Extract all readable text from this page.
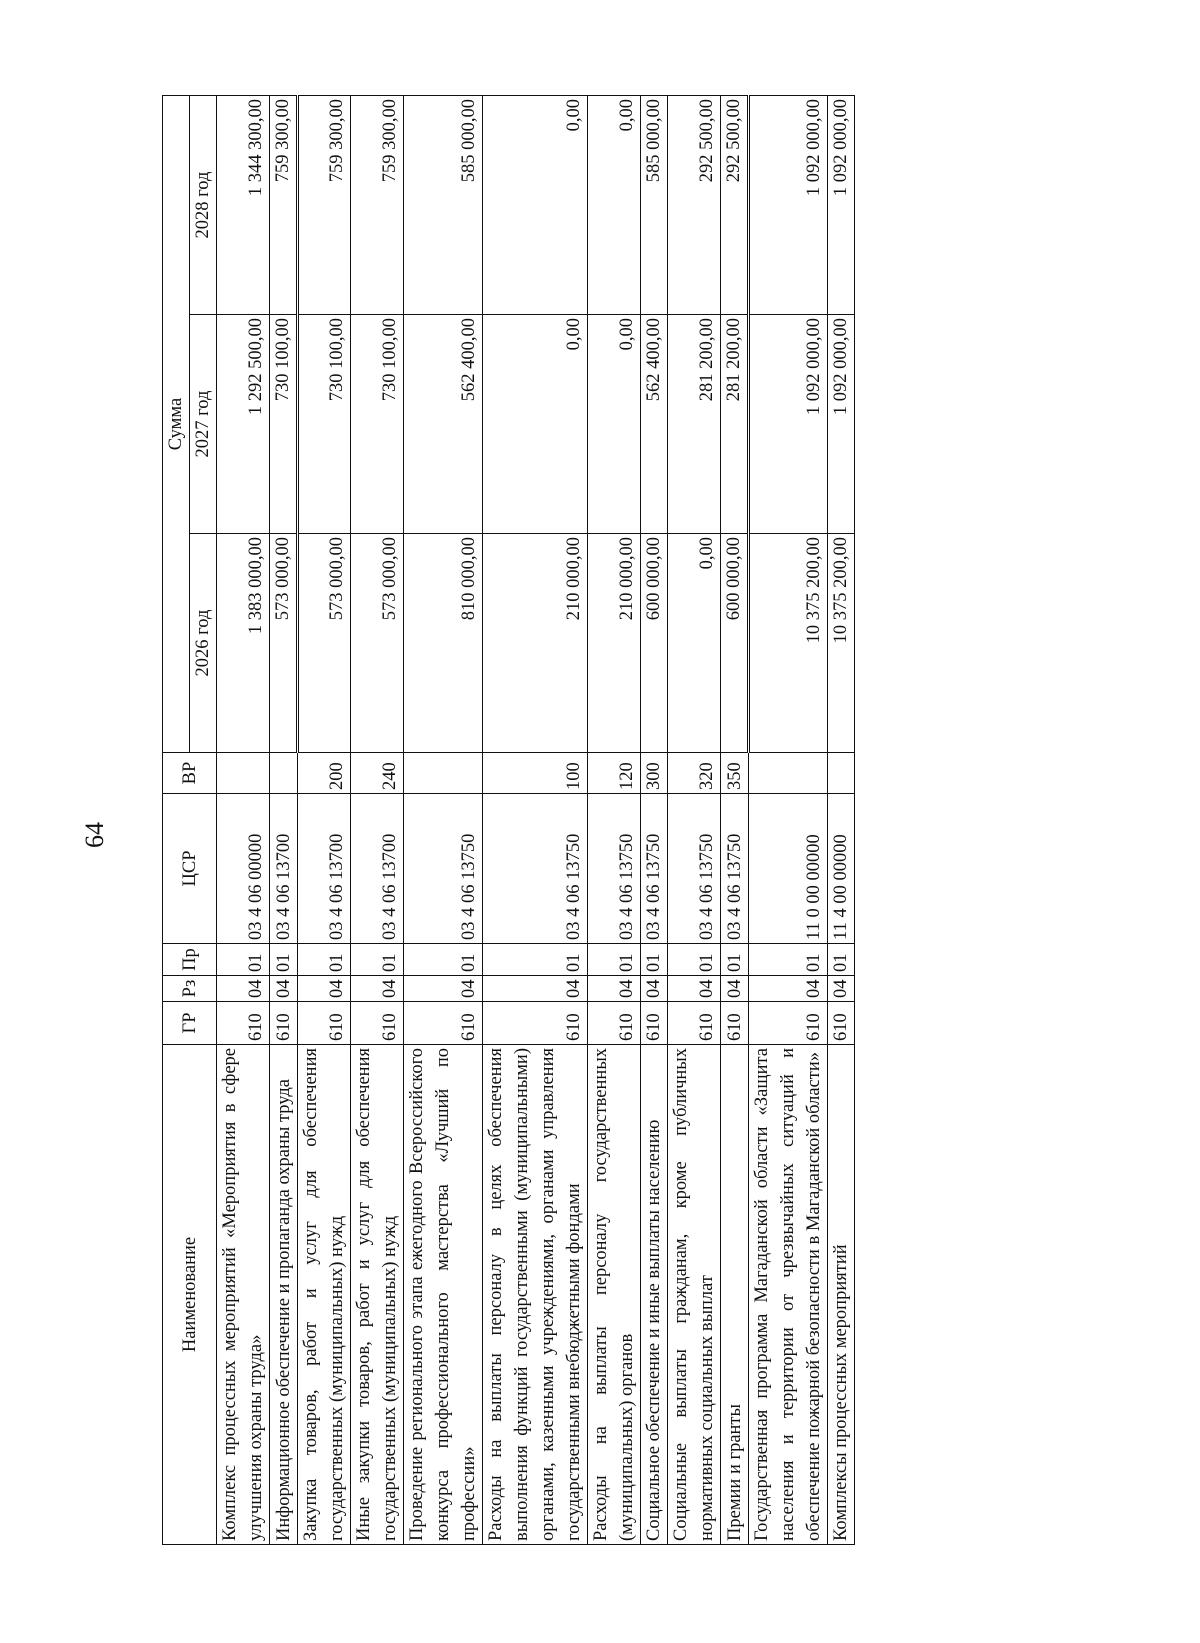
64
Наименование	ГР	Рз	Пр	ЦСР	ВР	Сумма		
						2026 год	2027 год	2028 год
Комплекс процессных мероприятий «Мероприятия в сфере улучшения охраны труда»	610	04	01	03 4 06 00000		1 383 000,00	1 292 500,00	1 344 300,00
Информационное обеспечение и пропаганда охраны труда	610	04	01	03 4 06 13700		573 000,00	730 100,00	759 300,00
Закупка товаров, работ и услуг для обеспечения государственных (муниципальных) нужд	610	04	01	03 4 06 13700	200	573 000,00	730 100,00	759 300,00
Иные закупки товаров, работ и услуг для обеспечения государственных (муниципальных) нужд	610	04	01	03 4 06 13700	240	573 000,00	730 100,00	759 300,00
Проведение регионального этапа ежегодного Всероссийского конкурса профессионального мастерства «Лучший по профессии»	610	04	01	03 4 06 13750		810 000,00	562 400,00	585 000,00
Расходы на выплаты персоналу в целях обеспечения выполнения функций государственными (муниципальными) органами, казенными учреждениями, органами управления государственными внебюджетными фондами	610	04	01	03 4 06 13750	100	210 000,00	0,00	0,00
Расходы на выплаты персоналу государственных (муниципальных) органов	610	04	01	03 4 06 13750	120	210 000,00	0,00	0,00
Социальное обеспечение и иные выплаты населению	610	04	01	03 4 06 13750	300	600 000,00	562 400,00	585 000,00
Социальные выплаты гражданам, кроме публичных нормативных социальных выплат	610	04	01	03 4 06 13750	320	0,00	281 200,00	292 500,00
Премии и гранты	610	04	01	03 4 06 13750	350	600 000,00	281 200,00	292 500,00
Государственная программа Магаданской области «Защита населения и территории от чрезвычайных ситуаций и обеспечение пожарной безопасности в Магаданской области»	610	04	01	11 0 00 00000		10 375 200,00	1 092 000,00	1 092 000,00
Комплексы процессных мероприятий	610	04	01	11 4 00 00000		10 375 200,00	1 092 000,00	1 092 000,00
